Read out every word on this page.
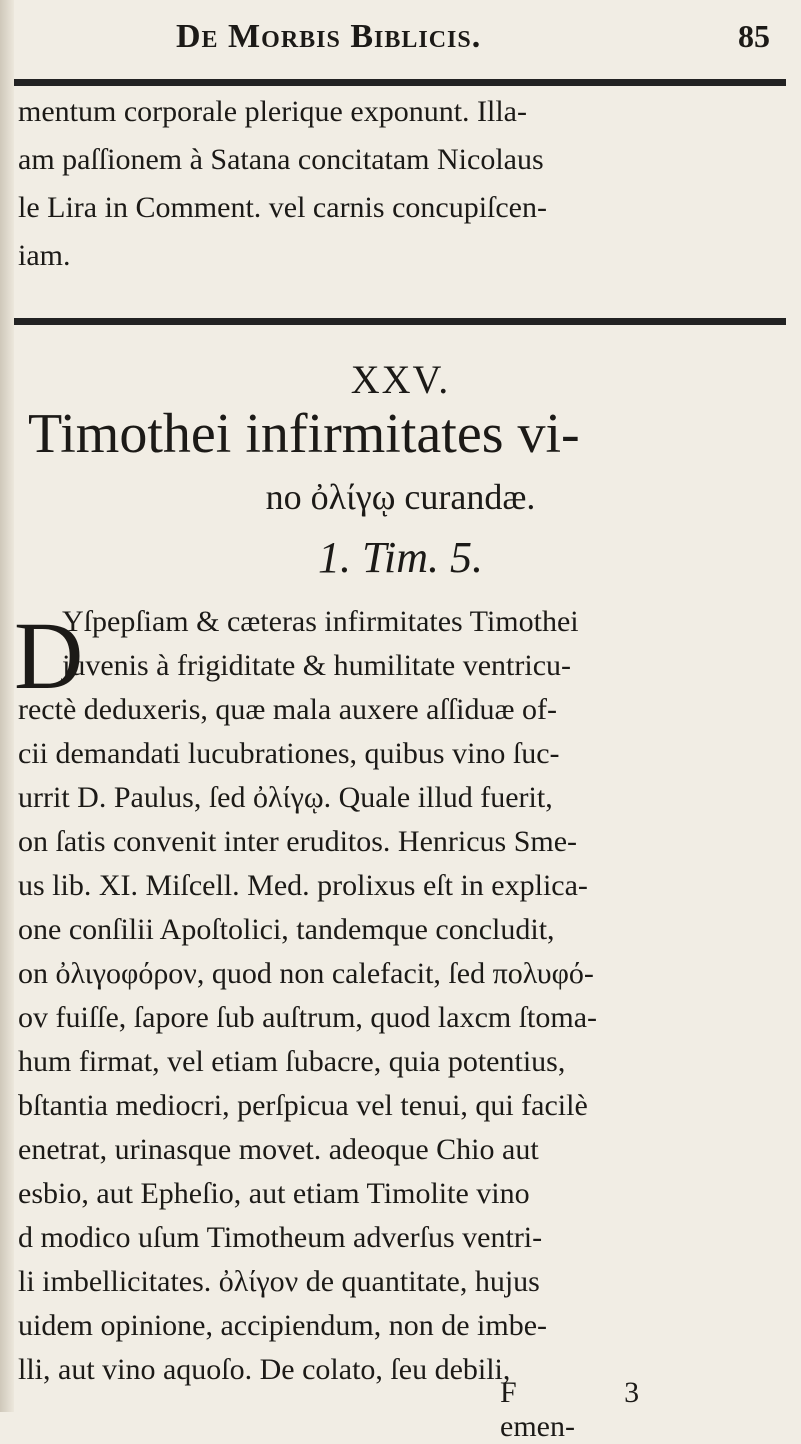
De Morbis Biblicis.	85
mentum corporale plerique exponunt. Illa-
am paſſionem à Satana concitatam Nicolaus
le Lira in Comment. vel carnis concupiſcen-
iam.
XXV.
Timothei infirmitates vi-
no ὀλίγῳ curandæ.
1. Tim. 5.
D
Yſpepſiam & cæteras infirmitates Timothei
juvenis à frigiditate & humilitate ventricu-
rectè deduxeris, quæ mala auxere aſſiduæ of-
cii demandati lucubrationes, quibus vino ſuc-
urrit D. Paulus, ſed ὀλίγῳ. Quale illud fuerit,
on ſatis convenit inter eruditos. Henricus Sme-
us lib. XI. Miſcell. Med. prolixus eſt in explica-
one conſilii Apoſtolici, tandemque concludit,
on ὀλιγοφόρον, quod non calefacit, ſed πολυφό-
ov fuiſſe, ſapore ſub auſtrum, quod laxcm ſtoma-
hum firmat, vel etiam ſubacre, quia potentius,
bſtantia mediocri, perſpicua vel tenui, qui facilè
enetrat, urinasque movet. adeoque Chio aut
esbio, aut Epheſio, aut etiam Timolite vino
d modico uſum Timotheum adverſus ventri-
li imbellicitates. ὀλίγον de quantitate, hujus
uidem opinione, accipiendum, non de imbe-
lli, aut vino aquoſo. De colato, ſeu debili,
F 3 emen-
